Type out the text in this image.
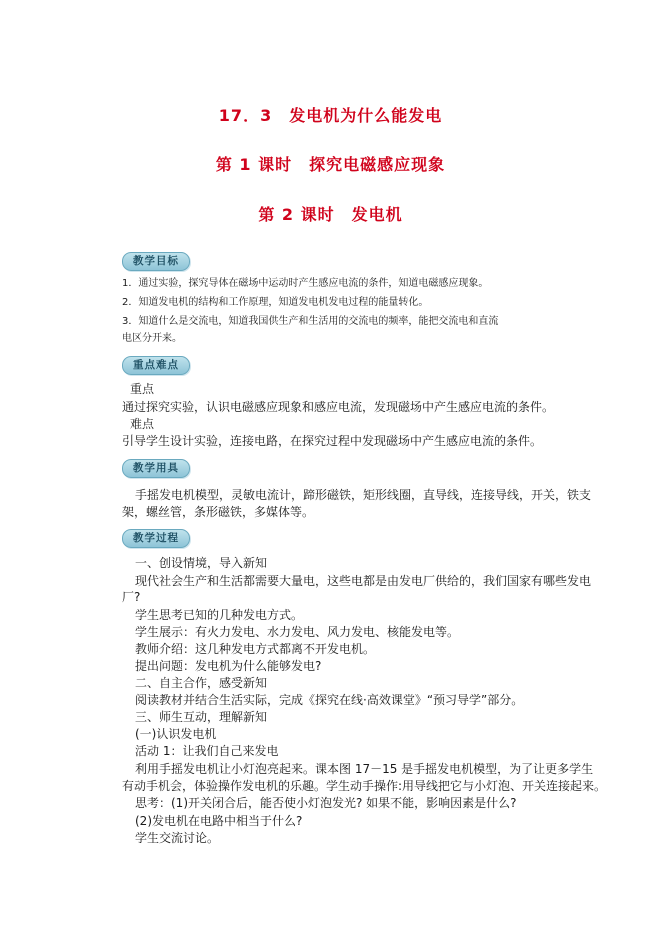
17．3　发电机为什么能发电
第 1 课时　探究电磁感应现象
第 2 课时　发电机
教学目标
1．通过实验，探究导体在磁场中运动时产生感应电流的条件，知道电磁感应现象。
2．知道发电机的结构和工作原理，知道发电机发电过程的能量转化。
3．知道什么是交流电，知道我国供生产和生活用的交流电的频率，能把交流电和直流
电区分开来。
重点难点
重点
通过探究实验，认识电磁感应现象和感应电流，发现磁场中产生感应电流的条件。
难点
引导学生设计实验，连接电路，在探究过程中发现磁场中产生感应电流的条件。
教学用具
手摇发电机模型，灵敏电流计，蹄形磁铁，矩形线圈，直导线，连接导线，开关，铁支
架，螺丝管，条形磁铁，多媒体等。
教学过程
一、创设情境，导入新知
现代社会生产和生活都需要大量电，这些电都是由发电厂供给的，我们国家有哪些发电
厂?
学生思考已知的几种发电方式。
学生展示：有火力发电、水力发电、风力发电、核能发电等。
教师介绍：这几种发电方式都离不开发电机。
提出问题：发电机为什么能够发电?
二、自主合作，感受新知
阅读教材并结合生活实际，完成《探究在线·高效课堂》“预习导学”部分。
三、师生互动，理解新知
(一)认识发电机
活动 1：让我们自己来发电
利用手摇发电机让小灯泡亮起来。课本图 17－15 是手摇发电机模型，为了让更多学生
有动手机会，体验操作发电机的乐趣。学生动手操作:用导线把它与小灯泡、开关连接起来。
思考：(1)开关闭合后，能否使小灯泡发光? 如果不能，影响因素是什么?
(2)发电机在电路中相当于什么?
学生交流讨论。
